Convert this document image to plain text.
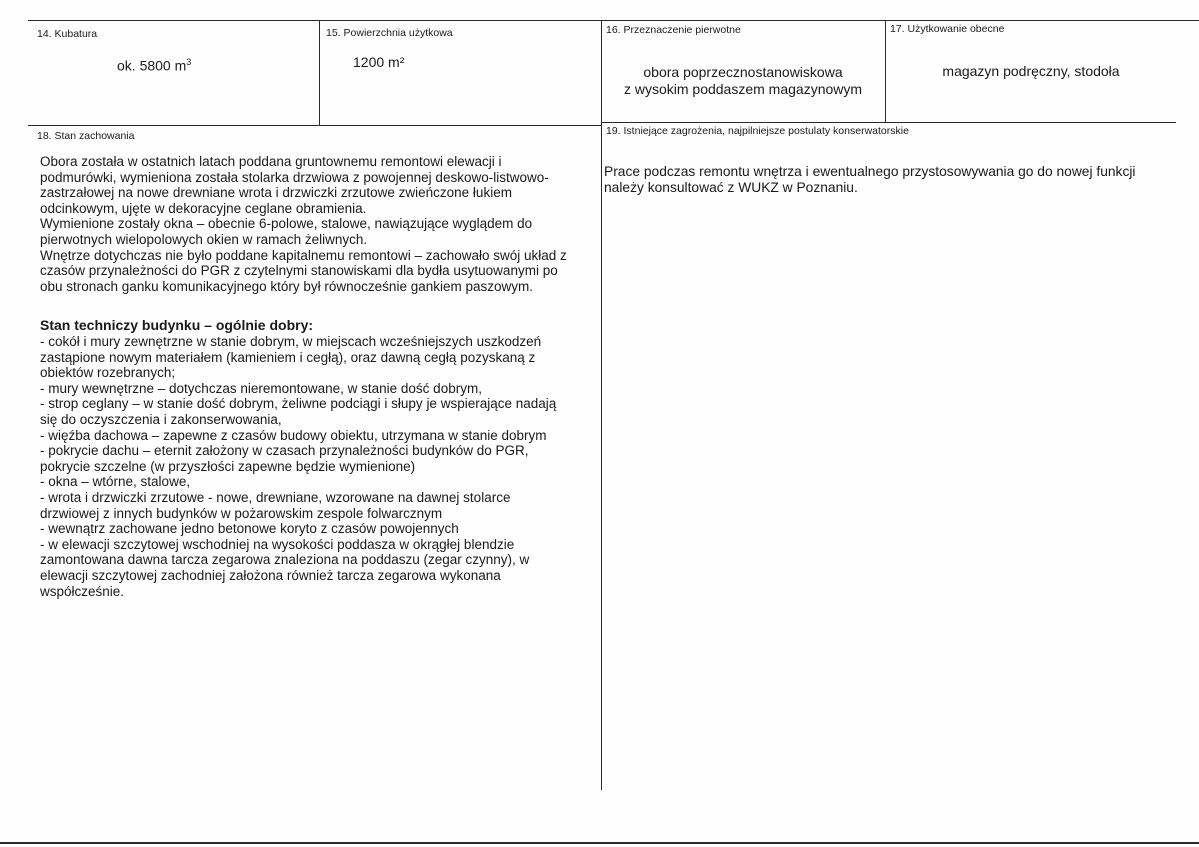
14. Kubatura
ok. 5800 $m^3$
15. Powierzchnia użytkowa
1200 m²
16. Przeznaczenie pierwotne
obora poprzecznostanowiskowa
z wysokim poddaszem magazynowym
17. Użytkowanie obecne
magazyn podręczny, stodoła
18. Stan zachowania
Obora została w ostatnich latach poddana gruntownemu remontowi elewacji i
podmurówki, wymieniona została stolarka drzwiowa z powojennej deskowo-listwowo-
zastrzałowej na nowe drewniane wrota i drzwiczki zrzutowe zwieńczone łukiem
odcinkowym, ujęte w dekoracyjne ceglane obramienia.
Wymienione zostały okna – obecnie 6-polowe, stalowe, nawiązujące wyglądem do
pierwotnych wielopolowych okien w ramach żeliwnych.
Wnętrze dotychczas nie było poddane kapitalnemu remontowi – zachowało swój układ z
czasów przynależności do PGR z czytelnymi stanowiskami dla bydła usytuowanymi po
obu stronach ganku komunikacyjnego który był równocześnie gankiem paszowym.
Stan techniczy budynku – ogólnie dobry:
- cokół i mury zewnętrzne w stanie dobrym, w miejscach wcześniejszych uszkodzeń
zastąpione nowym materiałem (kamieniem i cegłą), oraz dawną cegłą pozyskaną z
obiektów rozebranych;
- mury wewnętrzne – dotychczas nieremontowane, w stanie dość dobrym,
- strop ceglany – w stanie dość dobrym, żeliwne podciągi i słupy je wspierające nadają
się do oczyszczenia i zakonserwowania,
- więźba dachowa – zapewne z czasów budowy obiektu, utrzymana w stanie dobrym
- pokrycie dachu – eternit założony w czasach przynależności budynków do PGR,
pokrycie szczelne (w przyszłości zapewne będzie wymienione)
- okna – wtórne, stalowe,
- wrota i drzwiczki zrzutowe - nowe, drewniane, wzorowane na dawnej stolarce
drzwiowej z innych budynków w pożarowskim zespole folwarcznym
- wewnątrz zachowane jedno betonowe koryto z czasów powojennych
- w elewacji szczytowej wschodniej na wysokości poddasza w okrągłej blendzie
zamontowana dawna tarcza zegarowa znaleziona na poddaszu (zegar czynny), w
elewacji szczytowej zachodniej założona również tarcza zegarowa wykonana
współcześnie.
19. Istniejące zagrożenia, najpilniejsze postulaty konserwatorskie
Prace podczas remontu wnętrza i ewentualnego przystosowywania go do nowej funkcji
należy konsultować z WUKZ w Poznaniu.
